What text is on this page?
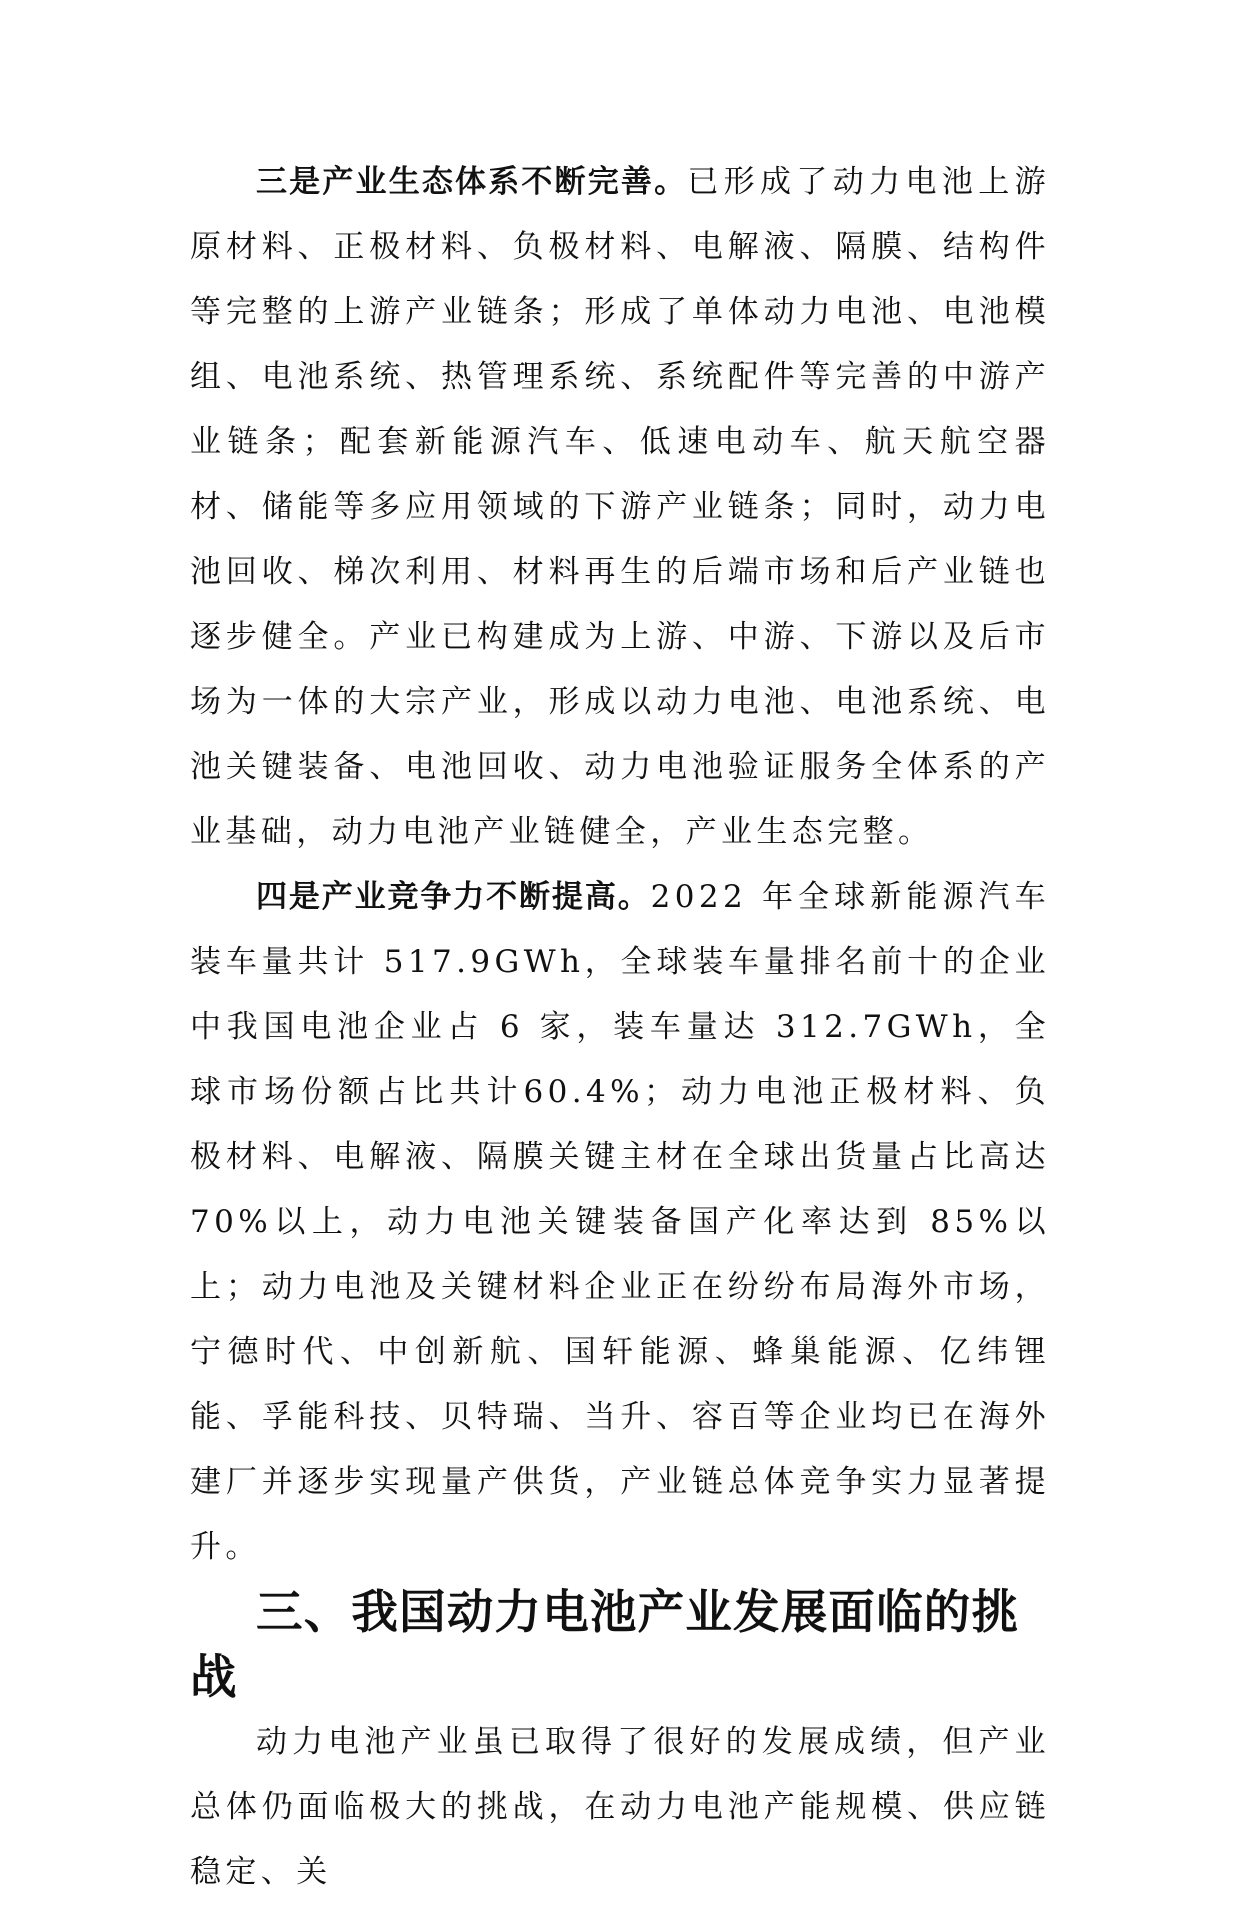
三是产业生态体系不断完善。已形成了动力电池上游原材料、正极材料、负极材料、电解液、隔膜、结构件等完整的上游产业链条；形成了单体动力电池、电池模组、电池系统、热管理系统、系统配件等完善的中游产业链条；配套新能源汽车、低速电动车、航天航空器材、储能等多应用领域的下游产业链条；同时，动力电池回收、梯次利用、材料再生的后端市场和后产业链也逐步健全。产业已构建成为上游、中游、下游以及后市场为一体的大宗产业，形成以动力电池、电池系统、电池关键装备、电池回收、动力电池验证服务全体系的产业基础，动力电池产业链健全，产业生态完整。

四是产业竞争力不断提高。2022 年全球新能源汽车装车量共计 517.9GWh，全球装车量排名前十的企业中我国电池企业占 6 家，装车量达 312.7GWh，全球市场份额占比共计60.4%；动力电池正极材料、负极材料、电解液、隔膜关键主材在全球出货量占比高达 70%以上，动力电池关键装备国产化率达到 85%以上；动力电池及关键材料企业正在纷纷布局海外市场，宁德时代、中创新航、国轩能源、蜂巢能源、亿纬锂能、孚能科技、贝特瑞、当升、容百等企业均已在海外建厂并逐步实现量产供货，产业链总体竞争实力显著提升。

三、我国动力电池产业发展面临的挑战

动力电池产业虽已取得了很好的发展成绩，但产业总体仍面临极大的挑战，在动力电池产能规模、供应链稳定、关
